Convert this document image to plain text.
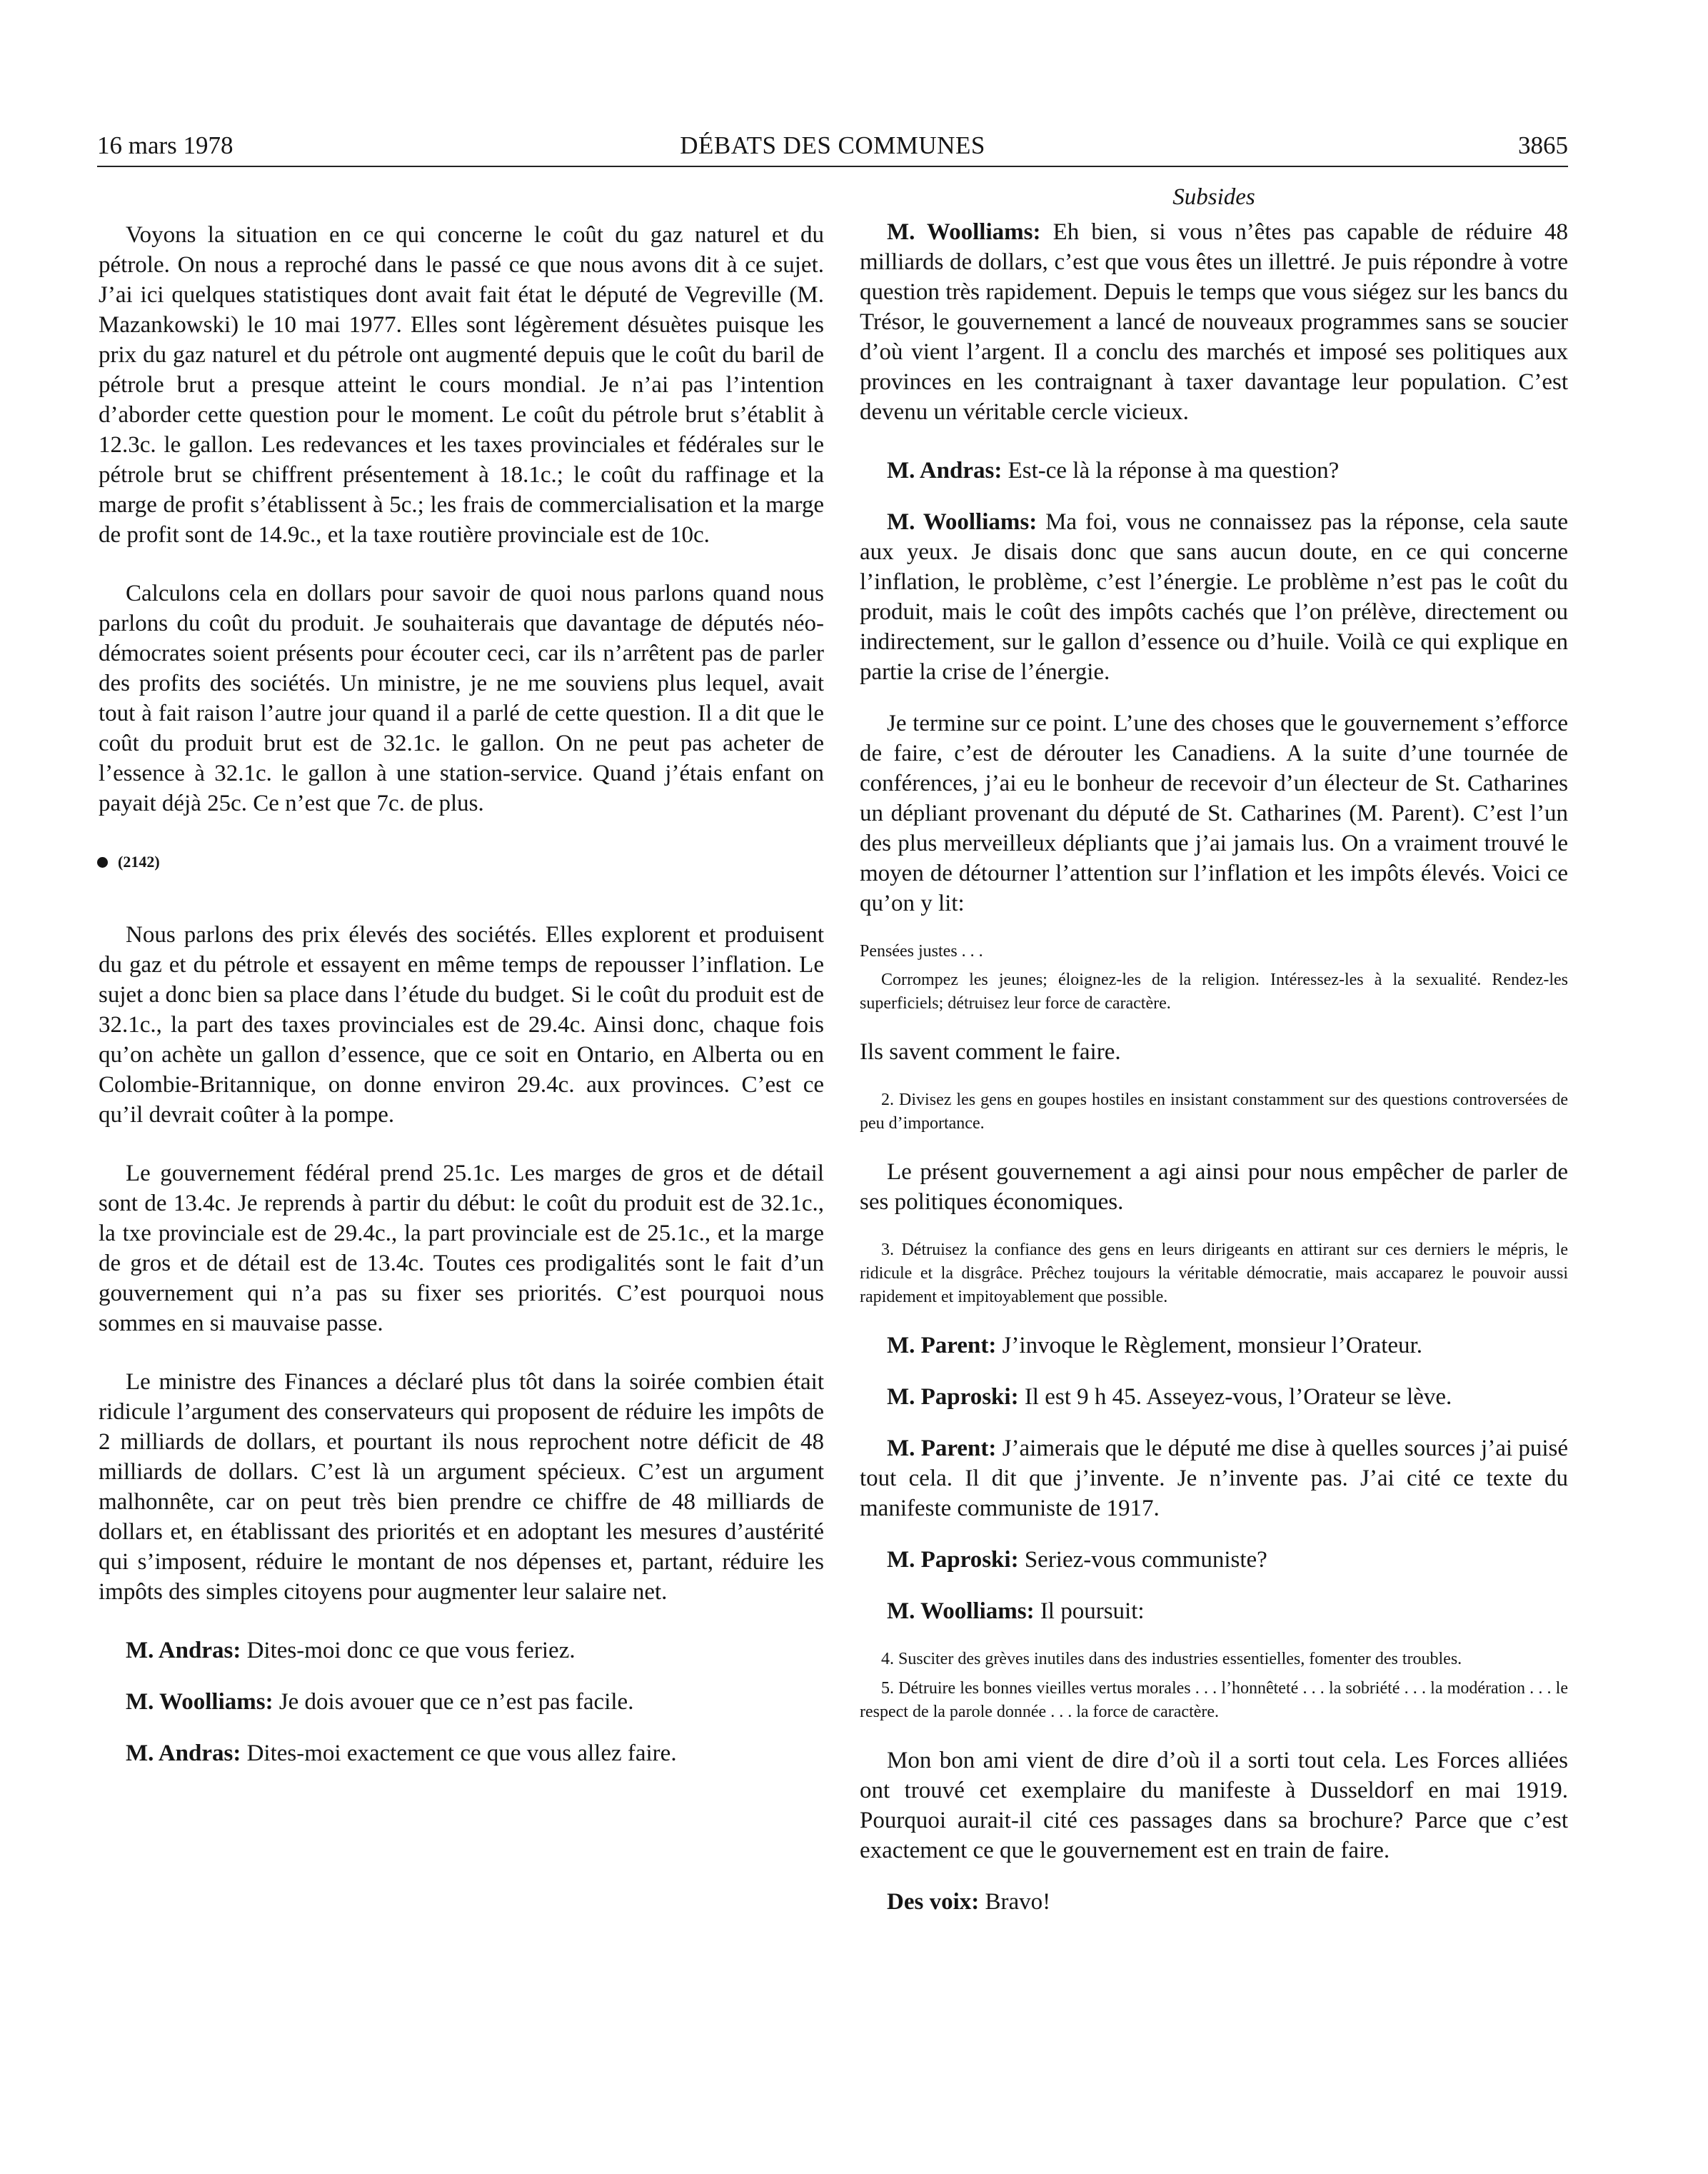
16 mars 1978	DÉBATS DES COMMUNES	3865
Subsides

Voyons la situation en ce qui concerne le coût du gaz naturel et du pétrole. On nous a reproché dans le passé ce que nous avons dit à ce sujet. J’ai ici quelques statistiques dont avait fait état le député de Vegreville (M. Mazankowski) le 10 mai 1977. Elles sont légèrement désuètes puisque les prix du gaz naturel et du pétrole ont augmenté depuis que le coût du baril de pétrole brut a presque atteint le cours mondial. Je n’ai pas l’intention d’aborder cette question pour le moment. Le coût du pétrole brut s’établit à 12.3c. le gallon. Les redevances et les taxes provinciales et fédérales sur le pétrole brut se chiffrent présentement à 18.1c.; le coût du raffinage et la marge de profit s’établissent à 5c.; les frais de commercialisation et la marge de profit sont de 14.9c., et la taxe routière provinciale est de 10c.

Calculons cela en dollars pour savoir de quoi nous parlons quand nous parlons du coût du produit. Je souhaiterais que davantage de députés néo-démocrates soient présents pour écouter ceci, car ils n’arrêtent pas de parler des profits des sociétés. Un ministre, je ne me souviens plus lequel, avait tout à fait raison l’autre jour quand il a parlé de cette question. Il a dit que le coût du produit brut est de 32.1c. le gallon. On ne peut pas acheter de l’essence à 32.1c. le gallon à une station-service. Quand j’étais enfant on payait déjà 25c. Ce n’est que 7c. de plus.

(2142)

Nous parlons des prix élevés des sociétés. Elles explorent et produisent du gaz et du pétrole et essayent en même temps de repousser l’inflation. Le sujet a donc bien sa place dans l’étude du budget. Si le coût du produit est de 32.1c., la part des taxes provinciales est de 29.4c. Ainsi donc, chaque fois qu’on achète un gallon d’essence, que ce soit en Ontario, en Alberta ou en Colombie-Britannique, on donne environ 29.4c. aux provinces. C’est ce qu’il devrait coûter à la pompe.

Le gouvernement fédéral prend 25.1c. Les marges de gros et de détail sont de 13.4c. Je reprends à partir du début: le coût du produit est de 32.1c., la txe provinciale est de 29.4c., la part provinciale est de 25.1c., et la marge de gros et de détail est de 13.4c. Toutes ces prodigalités sont le fait d’un gouvernement qui n’a pas su fixer ses priorités. C’est pourquoi nous sommes en si mauvaise passe.

Le ministre des Finances a déclaré plus tôt dans la soirée combien était ridicule l’argument des conservateurs qui proposent de réduire les impôts de 2 milliards de dollars, et pourtant ils nous reprochent notre déficit de 48 milliards de dollars. C’est là un argument spécieux. C’est un argument malhonnête, car on peut très bien prendre ce chiffre de 48 milliards de dollars et, en établissant des priorités et en adoptant les mesures d’austérité qui s’imposent, réduire le montant de nos dépenses et, partant, réduire les impôts des simples citoyens pour augmenter leur salaire net.

M. Andras: Dites-moi donc ce que vous feriez.

M. Woolliams: Je dois avouer que ce n’est pas facile.

M. Andras: Dites-moi exactement ce que vous allez faire.

M. Woolliams: Eh bien, si vous n’êtes pas capable de réduire 48 milliards de dollars, c’est que vous êtes un illettré. Je puis répondre à votre question très rapidement. Depuis le temps que vous siégez sur les bancs du Trésor, le gouvernement a lancé de nouveaux programmes sans se soucier d’où vient l’argent. Il a conclu des marchés et imposé ses politiques aux provinces en les contraignant à taxer davantage leur population. C’est devenu un véritable cercle vicieux.

M. Andras: Est-ce là la réponse à ma question?

M. Woolliams: Ma foi, vous ne connaissez pas la réponse, cela saute aux yeux. Je disais donc que sans aucun doute, en ce qui concerne l’inflation, le problème, c’est l’énergie. Le problème n’est pas le coût du produit, mais le coût des impôts cachés que l’on prélève, directement ou indirectement, sur le gallon d’essence ou d’huile. Voilà ce qui explique en partie la crise de l’énergie.

Je termine sur ce point. L’une des choses que le gouvernement s’efforce de faire, c’est de dérouter les Canadiens. A la suite d’une tournée de conférences, j’ai eu le bonheur de recevoir d’un électeur de St. Catharines un dépliant provenant du député de St. Catharines (M. Parent). C’est l’un des plus merveilleux dépliants que j’ai jamais lus. On a vraiment trouvé le moyen de détourner l’attention sur l’inflation et les impôts élevés. Voici ce qu’on y lit:

Pensées justes . . .
Corrompez les jeunes; éloignez-les de la religion. Intéressez-les à la sexualité. Rendez-les superficiels; détruisez leur force de caractère.

Ils savent comment le faire.

2. Divisez les gens en goupes hostiles en insistant constamment sur des questions controversées de peu d’importance.

Le présent gouvernement a agi ainsi pour nous empêcher de parler de ses politiques économiques.

3. Détruisez la confiance des gens en leurs dirigeants en attirant sur ces derniers le mépris, le ridicule et la disgrâce. Prêchez toujours la véritable démocratie, mais accaparez le pouvoir aussi rapidement et impitoyablement que possible.

M. Parent: J’invoque le Règlement, monsieur l’Orateur.

M. Paproski: Il est 9 h 45. Asseyez-vous, l’Orateur se lève.

M. Parent: J’aimerais que le député me dise à quelles sources j’ai puisé tout cela. Il dit que j’invente. Je n’invente pas. J’ai cité ce texte du manifeste communiste de 1917.

M. Paproski: Seriez-vous communiste?

M. Woolliams: Il poursuit:

4. Susciter des grèves inutiles dans des industries essentielles, fomenter des troubles.
5. Détruire les bonnes vieilles vertus morales . . . l’honnêteté . . . la sobriété . . . la modération . . . le respect de la parole donnée . . . la force de caractère.

Mon bon ami vient de dire d’où il a sorti tout cela. Les Forces alliées ont trouvé cet exemplaire du manifeste à Dusseldorf en mai 1919. Pourquoi aurait-il cité ces passages dans sa brochure? Parce que c’est exactement ce que le gouvernement est en train de faire.

Des voix: Bravo!
